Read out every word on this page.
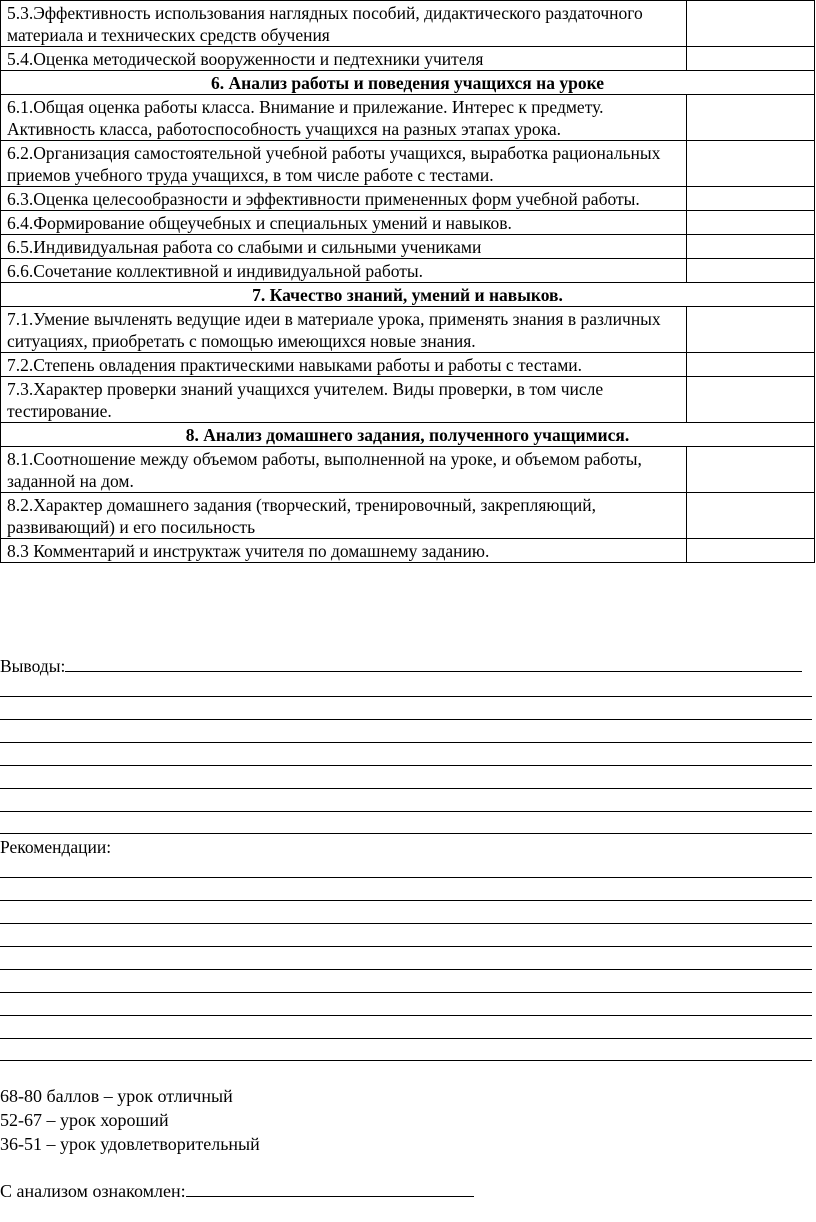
5.3.Эффективность использования наглядных пособий, дидактического раздаточного материала и технических средств обучения	
5.4.Оценка методической вооруженности и педтехники учителя	
6. Анализ работы и поведения учащихся на уроке	
6.1.Общая оценка работы класса. Внимание и прилежание. Интерес к предмету. Активность класса, работоспособность учащихся на разных этапах урока.	
6.2.Организация самостоятельной учебной работы учащихся, выработка рациональных приемов учебного труда учащихся, в том числе работе с тестами.	
6.3.Оценка целесообразности и эффективности примененных форм учебной работы.	
6.4.Формирование общеучебных и специальных умений и навыков.	
6.5.Индивидуальная работа со слабыми и сильными учениками	
6.6.Сочетание коллективной и индивидуальной работы.	
7. Качество знаний, умений и навыков.	
7.1.Умение вычленять ведущие идеи в материале урока, применять знания в различных ситуациях, приобретать с помощью имеющихся новые знания.	
7.2.Степень овладения практическими навыками работы и работы с тестами.	
7.3.Характер проверки знаний учащихся учителем. Виды проверки, в том числе тестирование.	
8. Анализ домашнего задания, полученного учащимися.	
8.1.Соотношение между объемом работы, выполненной на уроке, и объемом работы, заданной на дом.	
8.2.Характер домашнего задания (творческий, тренировочный, закрепляющий, развивающий) и его посильность	
8.3 Комментарий и инструктаж учителя по домашнему заданию.	
Выводы:
Рекомендации:
68-80 баллов – урок отличный
52-67 – урок хороший
36-51 – урок удовлетворительный
С анализом ознакомлен:
